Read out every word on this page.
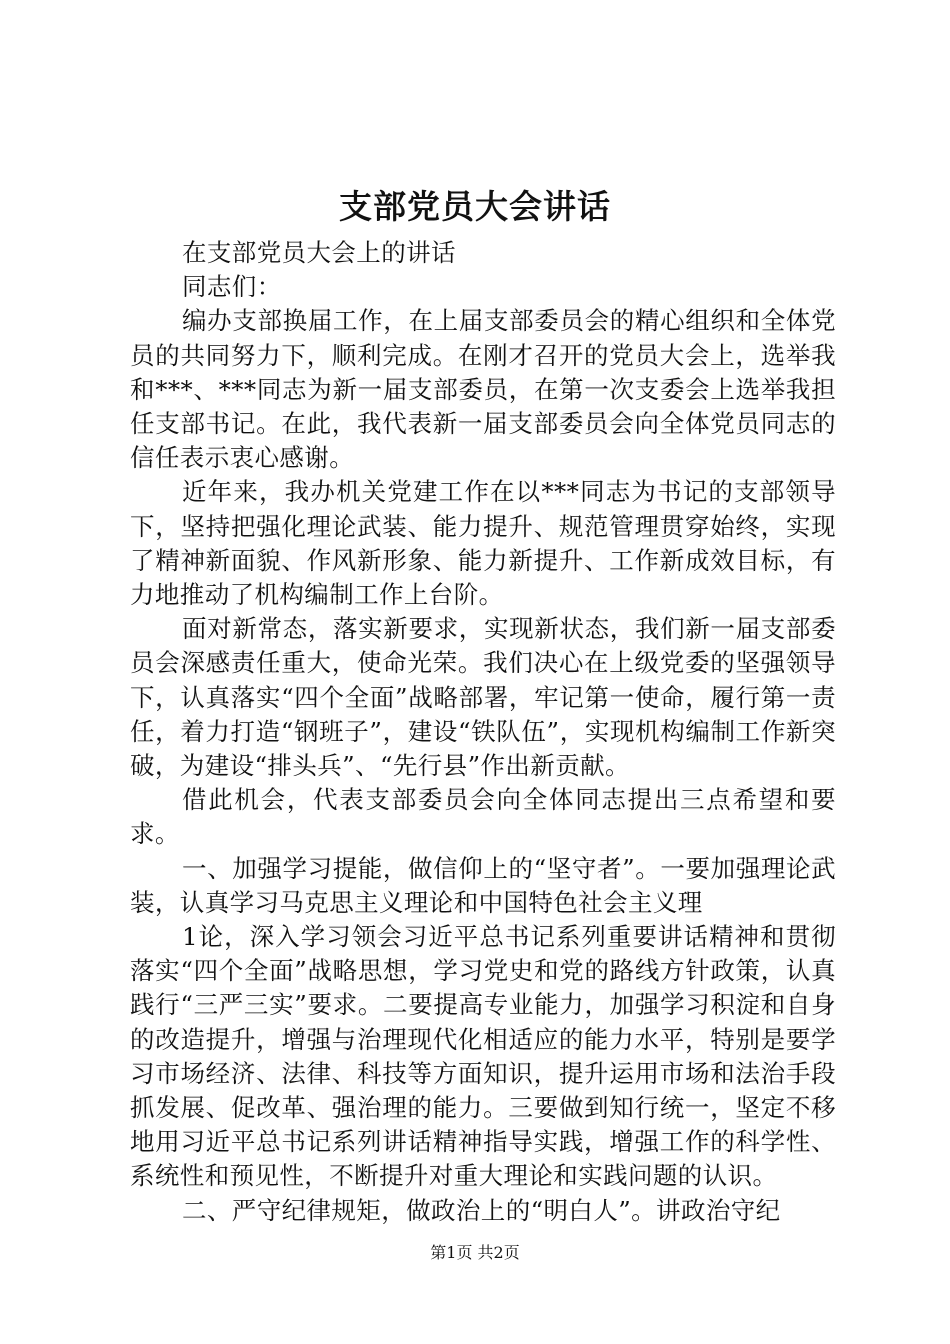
支部党员大会讲话

在支部党员大会上的讲话

同志们：

编办支部换届工作，在上届支部委员会的精心组织和全体党员的共同努力下，顺利完成。在刚才召开的党员大会上，选举我和***、***同志为新一届支部委员，在第一次支委会上选举我担任支部书记。在此，我代表新一届支部委员会向全体党员同志的信任表示衷心感谢。

近年来，我办机关党建工作在以***同志为书记的支部领导下，坚持把强化理论武装、能力提升、规范管理贯穿始终，实现了精神新面貌、作风新形象、能力新提升、工作新成效目标，有力地推动了机构编制工作上台阶。

面对新常态，落实新要求，实现新状态，我们新一届支部委员会深感责任重大，使命光荣。我们决心在上级党委的坚强领导下，认真落实“四个全面”战略部署，牢记第一使命，履行第一责任，着力打造“钢班子”，建设“铁队伍”，实现机构编制工作新突破，为建设“排头兵”、“先行县”作出新贡献。

借此机会，代表支部委员会向全体同志提出三点希望和要求。

一、加强学习提能，做信仰上的“坚守者”。一要加强理论武装，认真学习马克思主义理论和中国特色社会主义理

1论，深入学习领会习近平总书记系列重要讲话精神和贯彻落实“四个全面”战略思想，学习党史和党的路线方针政策，认真践行“三严三实”要求。二要提高专业能力，加强学习积淀和自身的改造提升，增强与治理现代化相适应的能力水平，特别是要学习市场经济、法律、科技等方面知识，提升运用市场和法治手段抓发展、促改革、强治理的能力。三要做到知行统一，坚定不移地用习近平总书记系列讲话精神指导实践，增强工作的科学性、系统性和预见性，不断提升对重大理论和实践问题的认识。

二、严守纪律规矩，做政治上的“明白人”。讲政治守纪

第1页 共2页
